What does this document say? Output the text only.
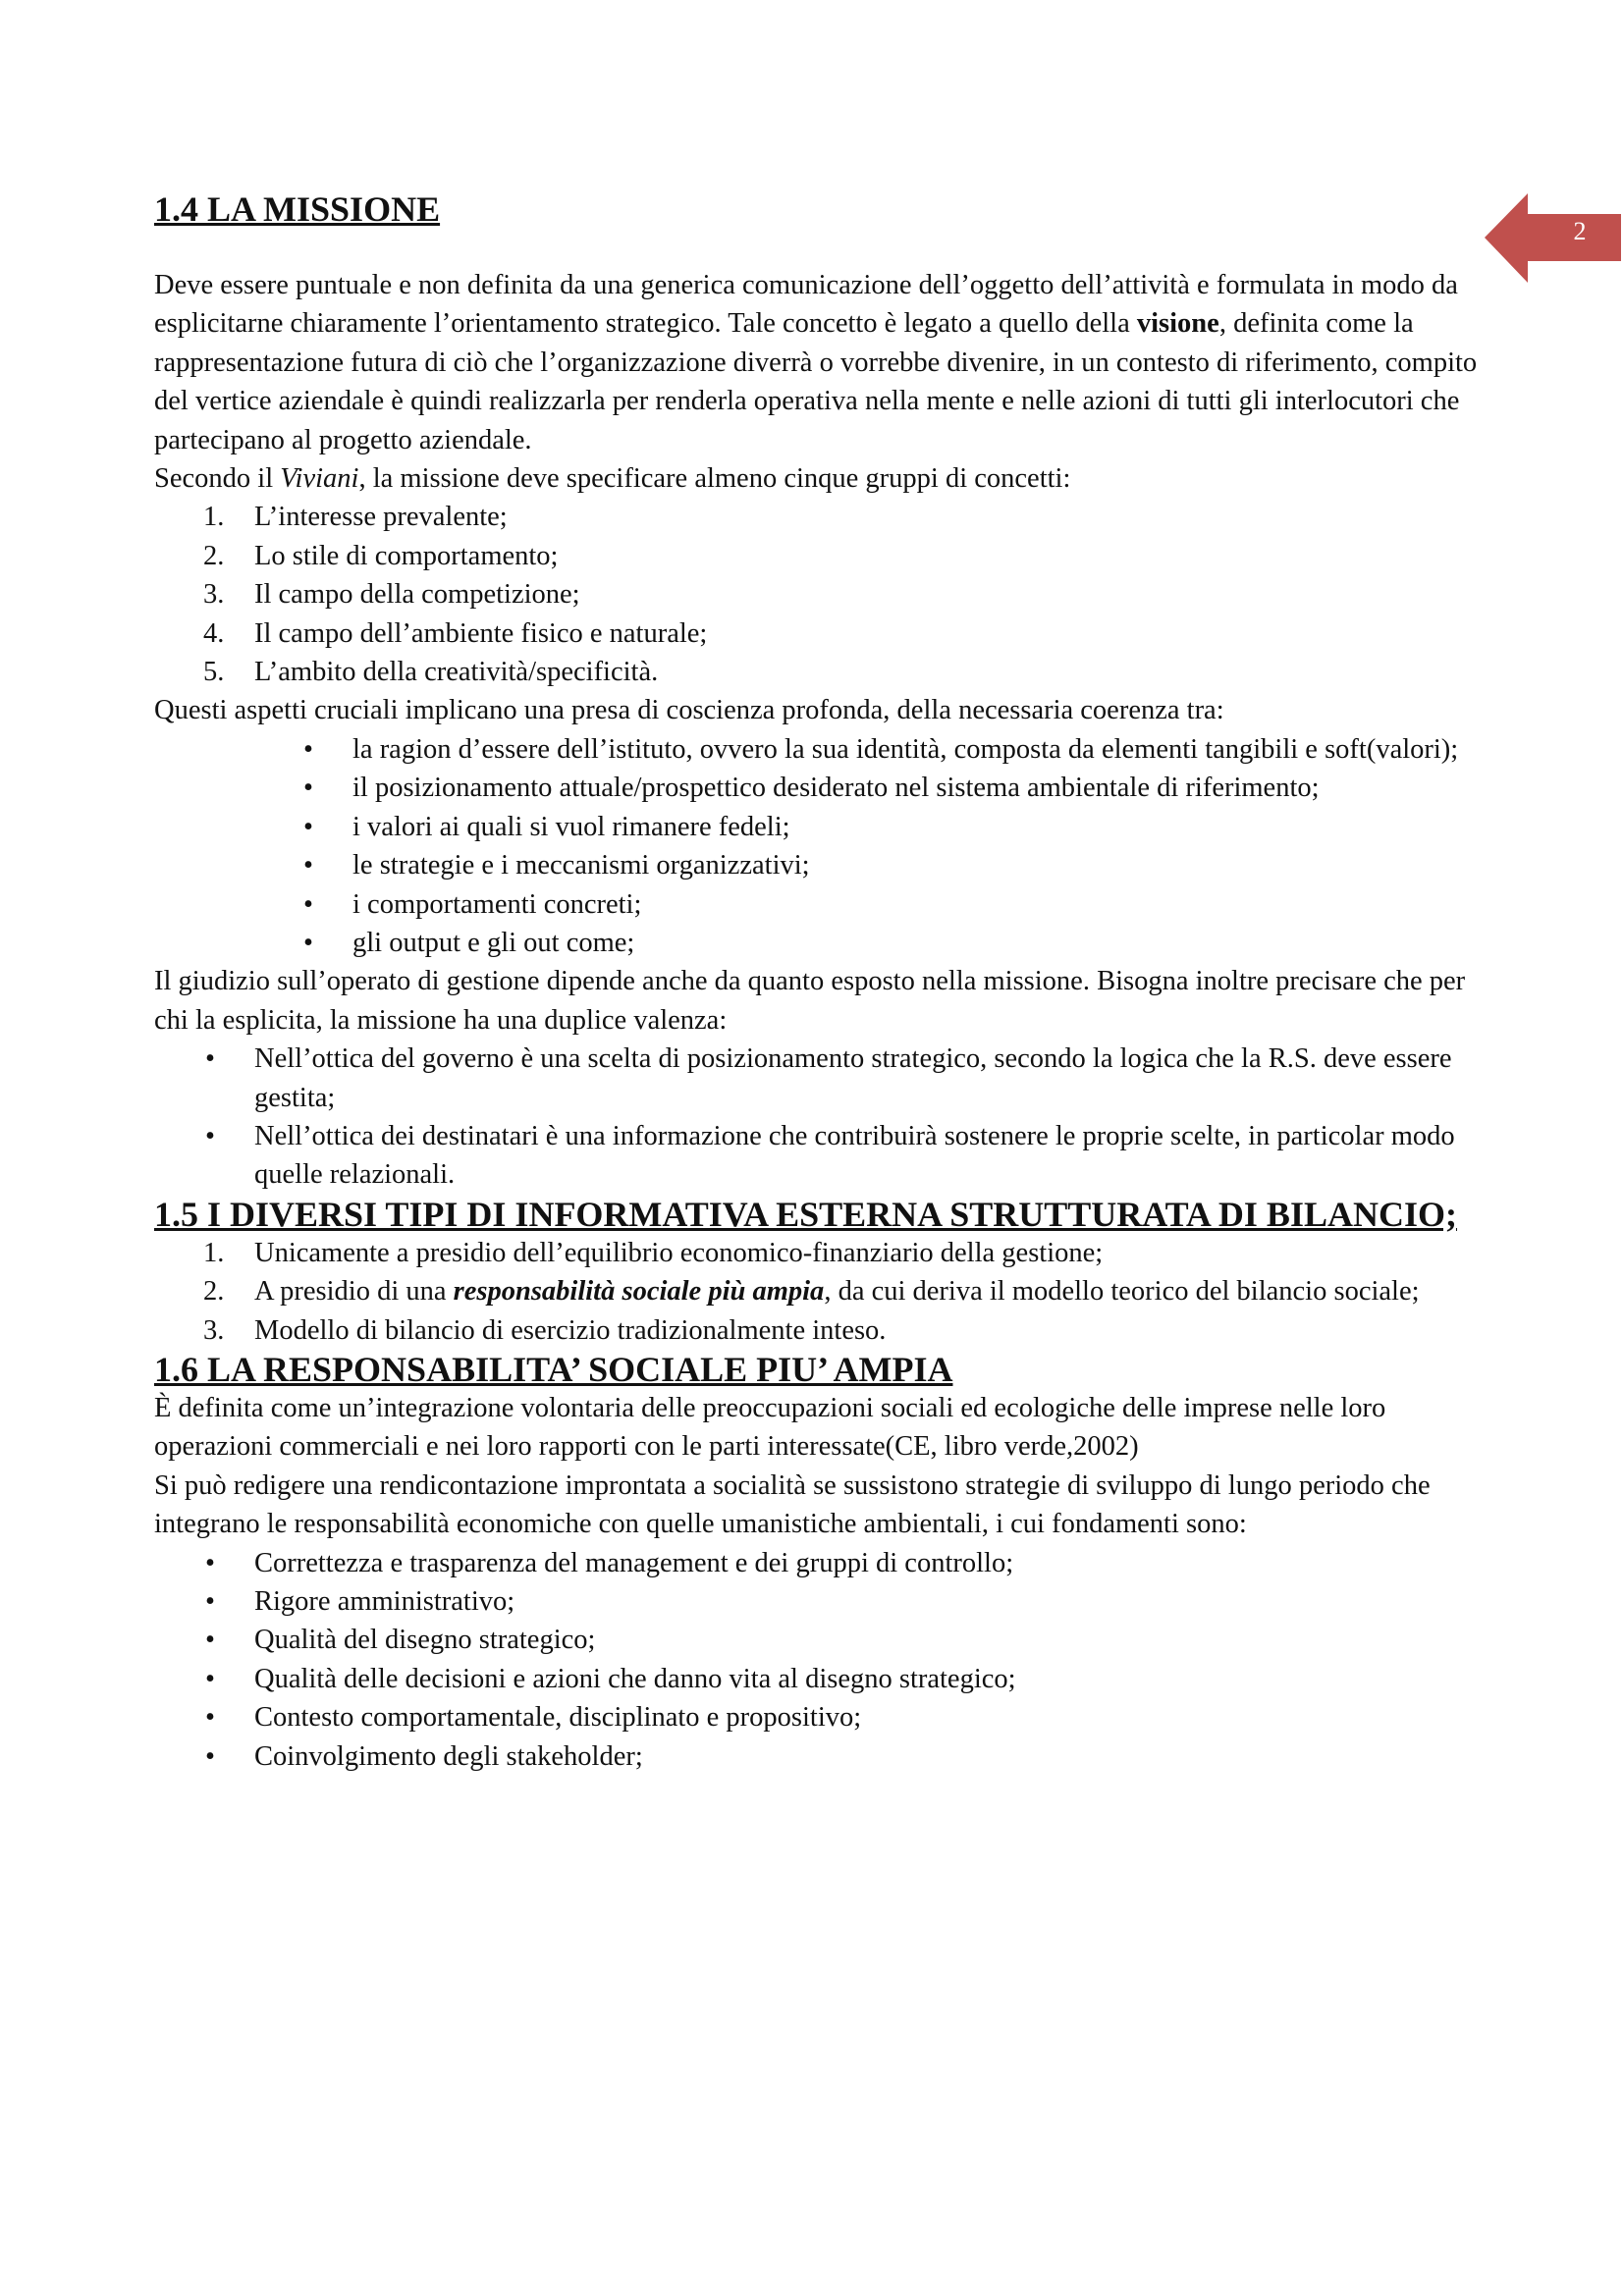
2
1.4 LA MISSIONE

Deve essere puntuale e non definita da una generica comunicazione dell’oggetto dell’attività e formulata in modo da esplicitarne chiaramente l’orientamento strategico. Tale concetto è legato a quello della visione, definita come la rappresentazione futura di ciò che l’organizzazione diverrà o vorrebbe divenire, in un contesto di riferimento, compito del vertice aziendale è quindi realizzarla per renderla operativa nella mente e nelle azioni di tutti gli interlocutori che partecipano al progetto aziendale.

Secondo il Viviani, la missione deve specificare almeno cinque gruppi di concetti:

1. L’interesse prevalente;
2. Lo stile di comportamento;
3. Il campo della competizione;
4. Il campo dell’ambiente fisico e naturale;
5. L’ambito della creatività/specificità.

Questi aspetti cruciali implicano una presa di coscienza profonda, della necessaria coerenza tra:

• la ragion d’essere dell’istituto, ovvero la sua identità, composta da elementi tangibili e soft(valori);
• il posizionamento attuale/prospettico desiderato nel sistema ambientale di riferimento;
• i valori ai quali si vuol rimanere fedeli;
• le strategie e i meccanismi organizzativi;
• i comportamenti concreti;
• gli output e gli out come;

Il giudizio sull’operato di gestione dipende anche da quanto esposto nella missione. Bisogna inoltre precisare che per chi la esplicita, la missione ha una duplice valenza:

• Nell’ottica del governo è una scelta di posizionamento strategico, secondo la logica che la R.S. deve essere gestita;
• Nell’ottica dei destinatari è una informazione che contribuirà sostenere le proprie scelte, in particolar modo quelle relazionali.
1.5 I DIVERSI TIPI DI INFORMATIVA ESTERNA STRUTTURATA DI BILANCIO;
1. Unicamente a presidio dell’equilibrio economico-finanziario della gestione;
2. A presidio di una responsabilità sociale più ampia, da cui deriva il modello teorico del bilancio sociale;
3. Modello di bilancio di esercizio tradizionalmente inteso.
1.6 LA RESPONSABILITA’ SOCIALE PIU’ AMPIA

È definita come un’integrazione volontaria delle preoccupazioni sociali ed ecologiche delle imprese nelle loro operazioni commerciali e nei loro rapporti con le parti interessate(CE, libro verde,2002)

Si può redigere una rendicontazione improntata a socialità se sussistono strategie di sviluppo di lungo periodo che integrano le responsabilità economiche con quelle umanistiche ambientali, i cui fondamenti sono:

• Correttezza e trasparenza del management e dei gruppi di controllo;
• Rigore amministrativo;
• Qualità del disegno strategico;
• Qualità delle decisioni e azioni che danno vita al disegno strategico;
• Contesto comportamentale, disciplinato e propositivo;
• Coinvolgimento degli stakeholder;
